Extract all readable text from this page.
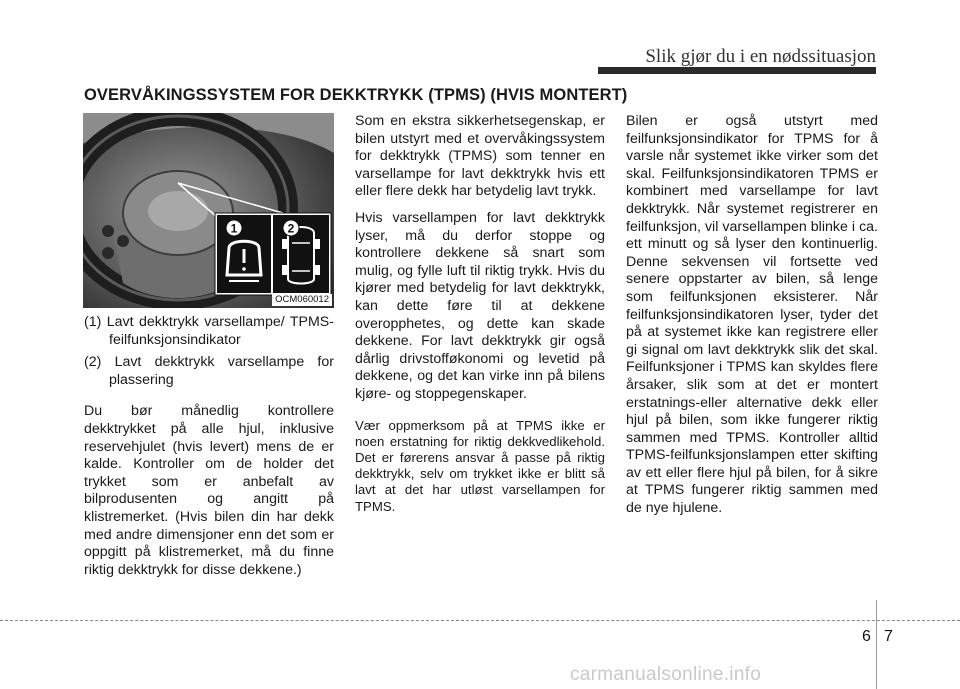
Slik gjør du i en nødssituasjon
OVERVÅKINGSSYSTEM FOR DEKKTRYKK (TPMS) (HVIS MONTERT)
1	2
OCM060012

(1) Lavt dekktrykk varsellampe/ TPMS-feilfunksjonsindikator

(2) Lavt dekktrykk varsellampe for plassering

Du bør månedlig kontrollere dekktrykket på alle hjul, inklusive reservehjulet (hvis levert) mens de er kalde. Kontroller om de holder det trykket som er anbefalt av bilprodusenten og angitt på klistremerket. (Hvis bilen din har dekk med andre dimensjoner enn det som er oppgitt på klistremerket, må du finne riktig dekktrykk for disse dekkene.)

Som en ekstra sikkerhetsegenskap, er bilen utstyrt med et overvåkingssystem for dekktrykk (TPMS) som tenner en varsellampe for lavt dekktrykk hvis ett eller flere dekk har betydelig lavt trykk.

Hvis varsellampen for lavt dekktrykk lyser, må du derfor stoppe og kontrollere dekkene så snart som mulig, og fylle luft til riktig trykk. Hvis du kjører med betydelig for lavt dekktrykk, kan dette føre til at dekkene overopphetes, og dette kan skade dekkene. For lavt dekktrykk gir også dårlig drivstofføkonomi og levetid på dekkene, og det kan virke inn på bilens kjøre- og stoppegenskaper.

Vær oppmerksom på at TPMS ikke er noen erstatning for riktig dekkvedlikehold. Det er førerens ansvar å passe på riktig dekktrykk, selv om trykket ikke er blitt så lavt at det har utløst varsellampen for TPMS.

Bilen er også utstyrt med feilfunksjonsindikator for TPMS for å varsle når systemet ikke virker som det skal. Feilfunksjonsindikatoren TPMS er kombinert med varsellampe for lavt dekktrykk. Når systemet registrerer en feilfunksjon, vil varsellampen blinke i ca. ett minutt og så lyser den kontinuerlig. Denne sekvensen vil fortsette ved senere oppstarter av bilen, så lenge som feilfunksjonen eksisterer. Når feilfunksjonsindikatoren lyser, tyder det på at systemet ikke kan registrere eller gi signal om lavt dekktrykk slik det skal. Feilfunksjoner i TPMS kan skyldes flere årsaker, slik som at det er montert erstatnings-eller alternative dekk eller hjul på bilen, som ikke fungerer riktig sammen med TPMS. Kontroller alltid TPMS-feilfunksjonslampen etter skifting av ett eller flere hjul på bilen, for å sikre at TPMS fungerer riktig sammen med de nye hjulene.

6 7
carmanualsonline.info
